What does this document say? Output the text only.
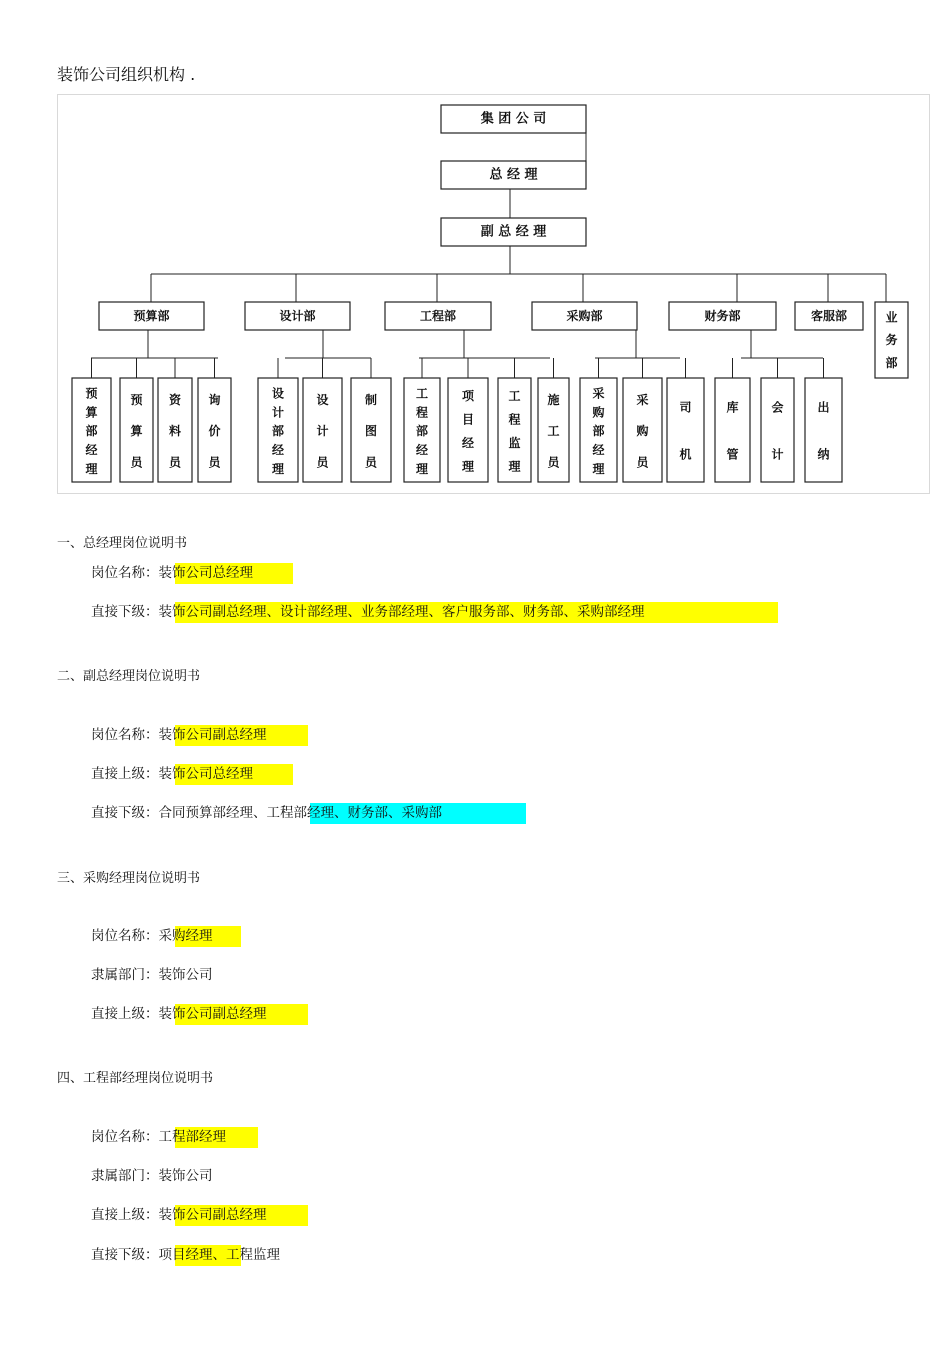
装饰公司组织机构 .
集 团 公 司
总 经 理
副 总 经 理
预算部
预算部经理
预算员
资料员
询价员
设计部
设计部经理
设计员
制图员
工程部
工程部经理
项目经理
工程监理
施工员
采购部
采购部经理
采购员
司机
财务部
库管
会计
出纳
客服部	业务部
一、总经理岗位说明书
岗位名称：装饰公司总经理
直接下级：装饰公司副总经理、设计部经理、业务部经理、客户服务部、财务部、采购部经理
二、副总经理岗位说明书
岗位名称：装饰公司副总经理
直接上级：装饰公司总经理
直接下级：合同预算部经理、工程部经理、财务部、采购部
三、采购经理岗位说明书
岗位名称：采购经理
隶属部门：装饰公司
直接上级：装饰公司副总经理
四、工程部经理岗位说明书
岗位名称：工程部经理
隶属部门：装饰公司
直接上级：装饰公司副总经理
直接下级：项目经理、工程监理
